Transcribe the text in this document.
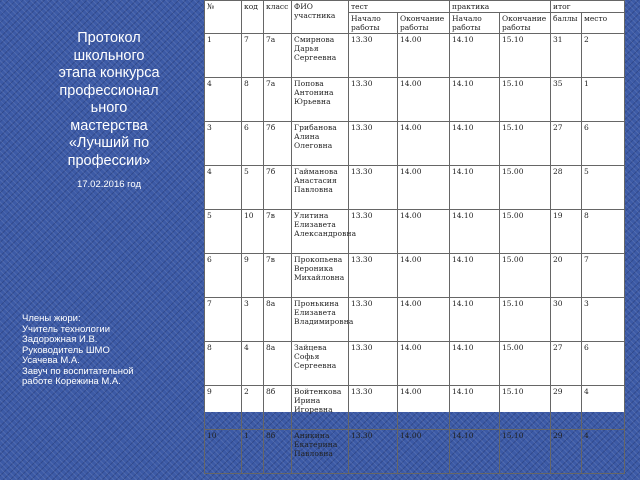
Протокол
школьного
этапа конкурса
профессионал
ьного
мастерства
«Лучший по
профессии»
17.02.2016 год
Члены жюри:
Учитель технологии
Задорожная И.В.
Руководитель ШМО
Усачева М.А.
Завуч по воспитательной
работе Корежина М.А.
№	код	класс	ФИО участника	тест		практика		итог	

				Начало работы	Окончание работы	Начало работы	Окончание работы	баллы	место

1	7	7а	Смирнова Дарья Сергеевна	13.30	14.00	14.10	15.10	31	2

4	8	7а	Попова Антонина Юрьевна	13.30	14.00	14.10	15.10	35	1

3	6	7б	Грибанова Алина Олеговна	13.30	14.00	14.10	15.10	27	6

4	5	7б	Гайманова Анастасия Павловна	13.30	14.00	14.10	15.00	28	5

5	10	7в	Улитина Елизавета Александровна	13.30	14.00	14.10	15.00	19	8

6	9	7в	Прокопьева Вероника Михайловна	13.30	14.00	14.10	15.00	20	7

7	3	8а	Пронькина Елизавета Владимировна	13.30	14.00	14.10	15.10	30	3

8	4	8а	Зайцева Софья Сергеевна	13.30	14.00	14.10	15.00	27	6

9	2	8б	Войтенкова Ирина Игоревна	13.30	14.00	14.10	15.10	29	4

10	1	8б	Аникина Екатерина Павловна	13.30	14.00	14.10	15.10	29	4
